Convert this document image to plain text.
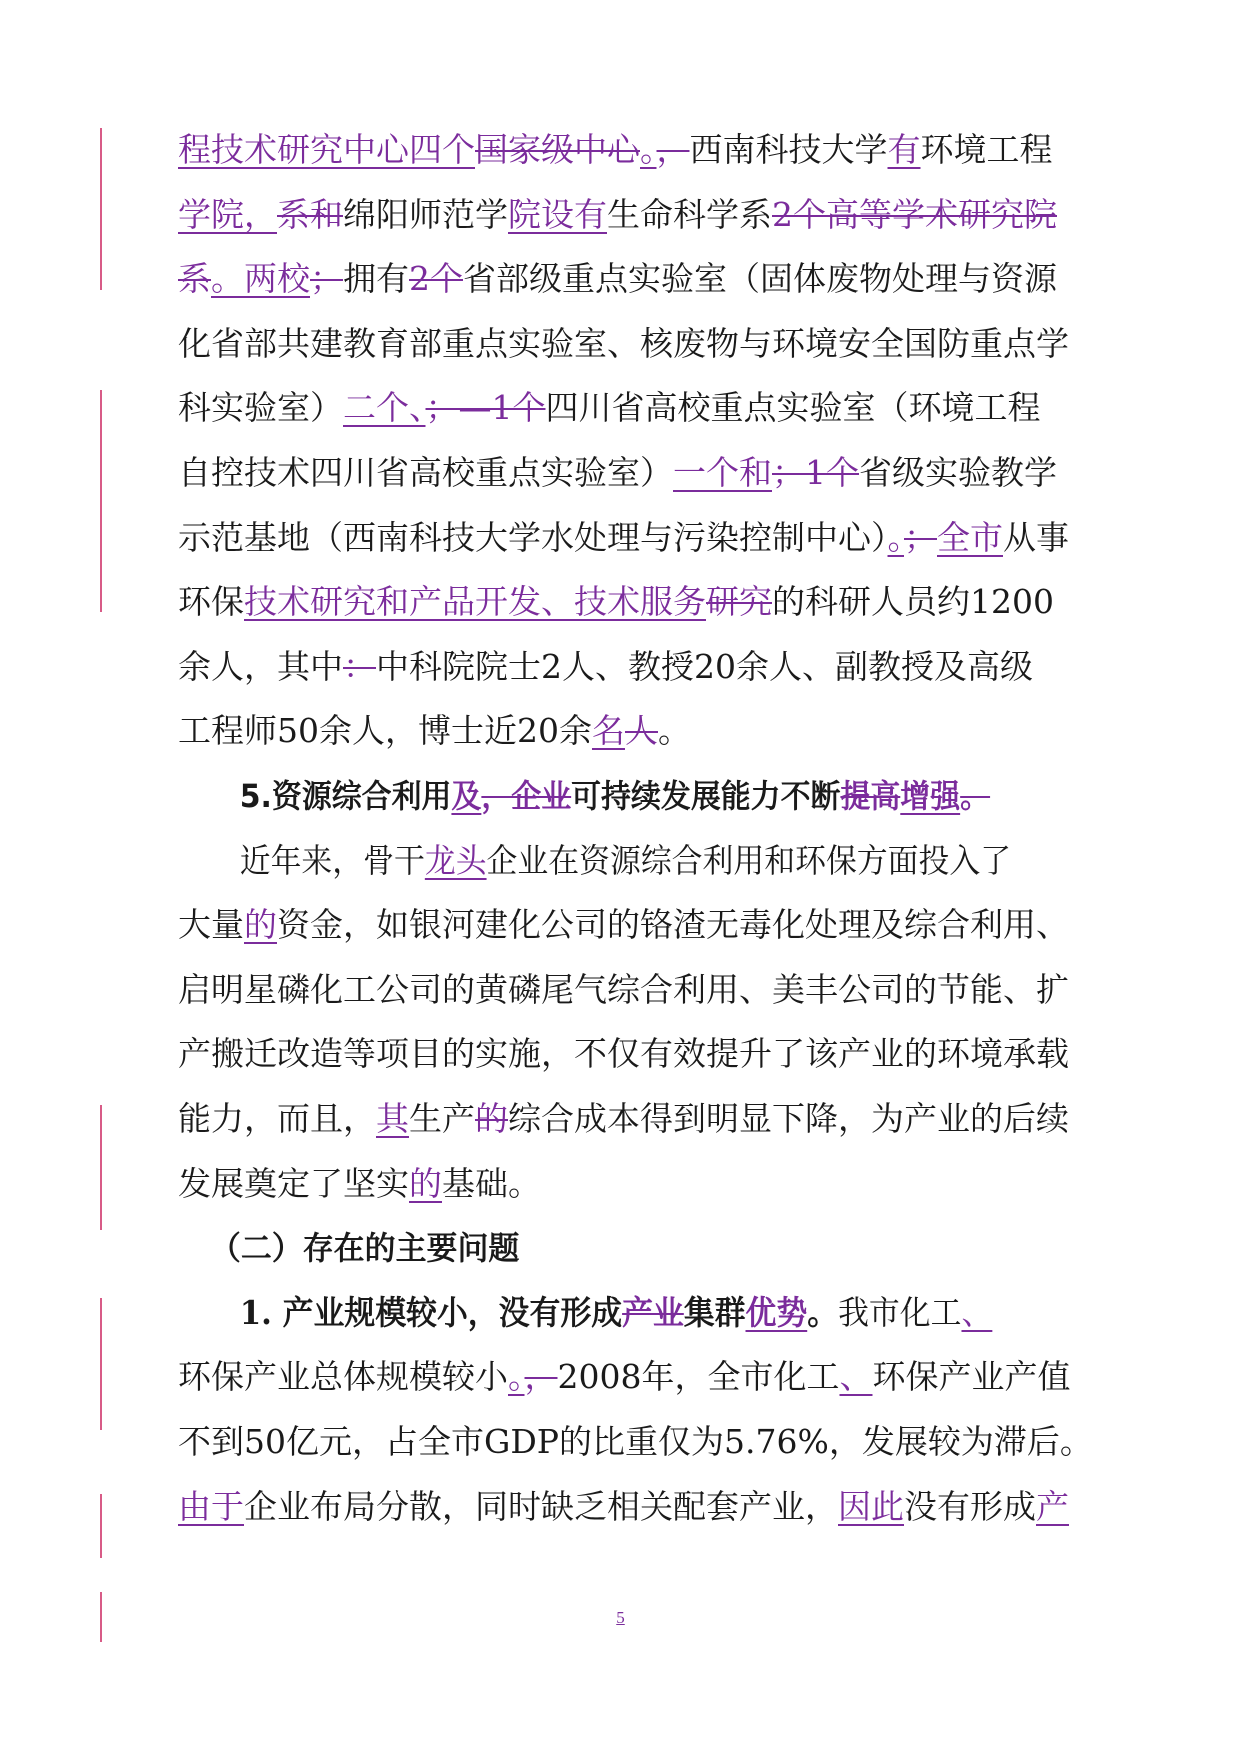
程技术研究中心四个国家级中心。，西南科技大学有环境工程
学院，系和绵阳师范学院设有生命科学系2个高等学术研究院
系。两校；拥有2个省部级重点实验室（固体废物处理与资源
化省部共建教育部重点实验室、核废物与环境安全国防重点学
科实验室）二个、；—1个四川省高校重点实验室（环境工程
自控技术四川省高校重点实验室）一个和；1个省级实验教学
示范基地（西南科技大学水处理与污染控制中心）。；全市从事
环保技术研究和产品开发、技术服务研究的科研人员约1200
余人，其中：中科院院士2人、教授20余人、副教授及高级
工程师50余人，博士近20余名人。
5.资源综合利用及，企业可持续发展能力不断提高增强。
近年来，骨干龙头企业在资源综合利用和环保方面投入了
大量的资金，如银河建化公司的铬渣无毒化处理及综合利用、
启明星磷化工公司的黄磷尾气综合利用、美丰公司的节能、扩
产搬迁改造等项目的实施，不仅有效提升了该产业的环境承载
能力，而且，其生产的综合成本得到明显下降，为产业的后续
发展奠定了坚实的基础。
（二）存在的主要问题
1. 产业规模较小，没有形成产业集群优势。我市化工、
环保产业总体规模较小。，2008年，全市化工、环保产业产值
不到50亿元，占全市GDP的比重仅为5.76%，发展较为滞后。
由于企业布局分散，同时缺乏相关配套产业，因此没有形成产
5
